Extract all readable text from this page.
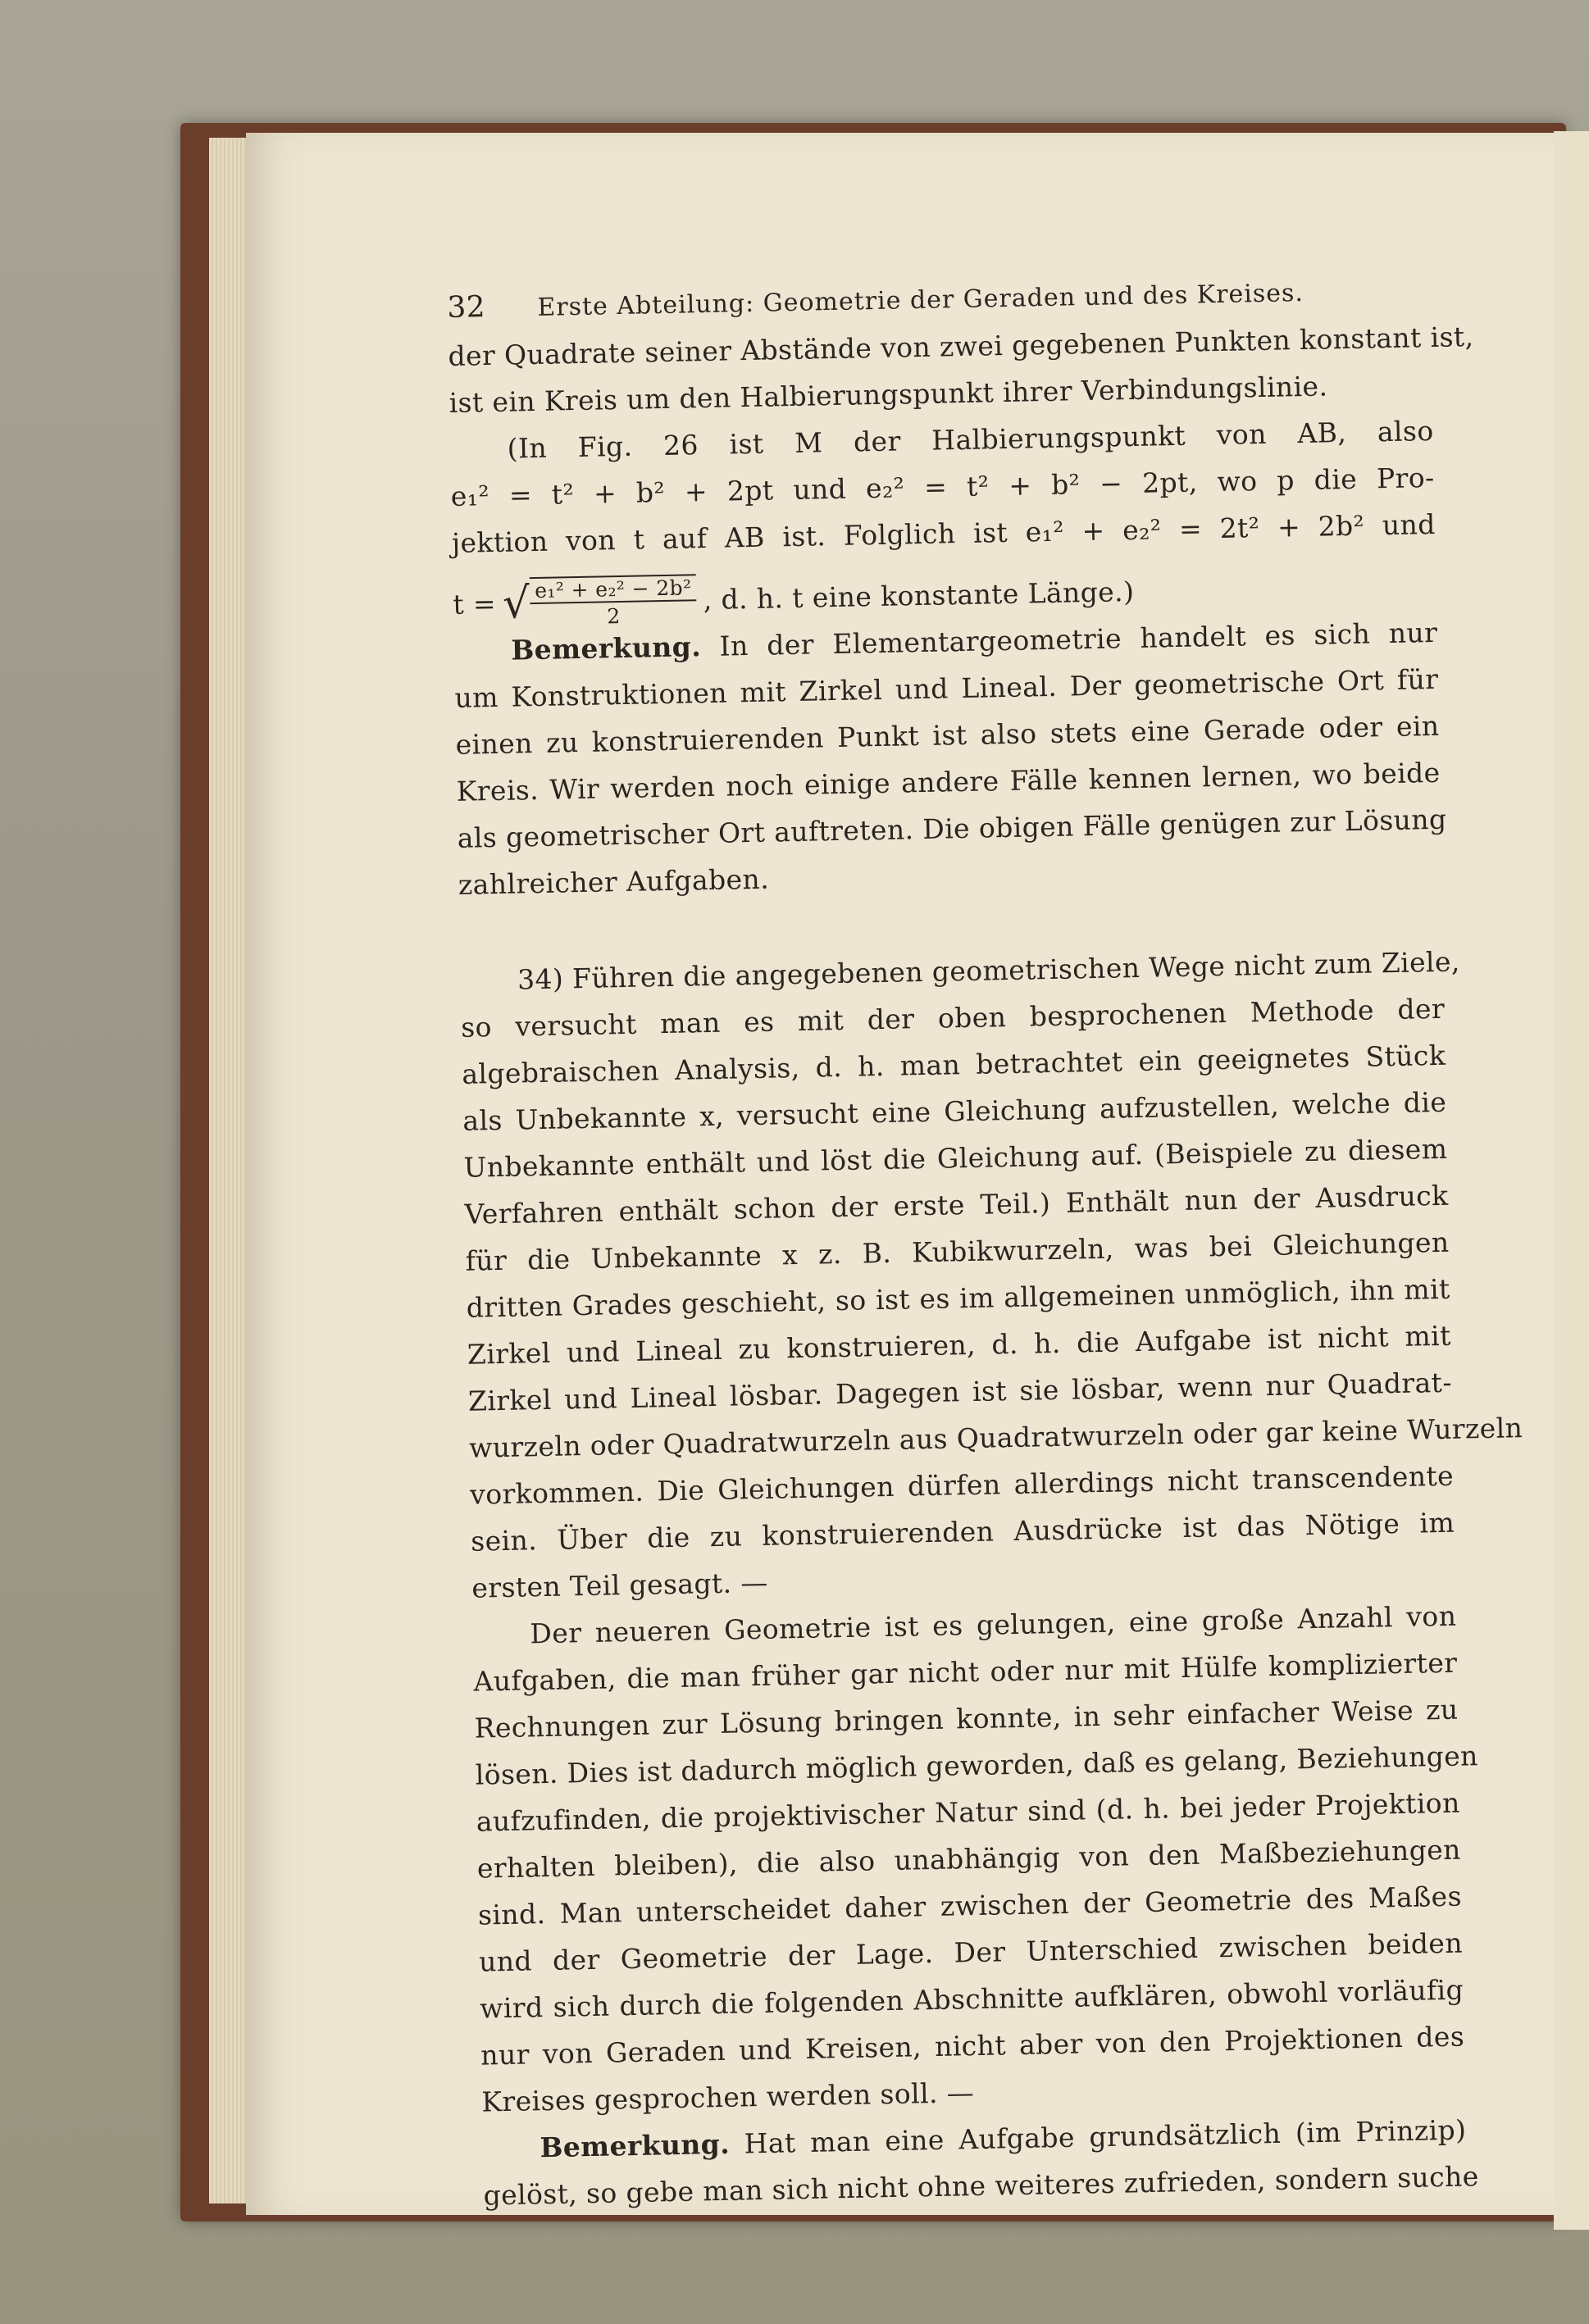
32	Erste Abteilung: Geometrie der Geraden und des Kreises.
der Quadrate seiner Abstände von zwei gegebenen Punkten konstant ist,
ist ein Kreis um den Halbierungspunkt ihrer Verbindungslinie.
(In Fig. 26 ist M der Halbierungspunkt von AB, also
e₁² = t² + b² + 2pt und e₂² = t² + b² − 2pt, wo p die Pro-
jektion von t auf AB ist. Folglich ist e₁² + e₂² = 2t² + 2b² und
t = √
$\frac{\text{e₁² + e₂² − 2b²}}{2}$ , d. h. t eine konstante Länge.)
Bemerkung. In der Elementargeometrie handelt es sich nur
um Konstruktionen mit Zirkel und Lineal. Der geometrische Ort für
einen zu konstruierenden Punkt ist also stets eine Gerade oder ein
Kreis. Wir werden noch einige andere Fälle kennen lernen, wo beide
als geometrischer Ort auftreten. Die obigen Fälle genügen zur Lösung
zahlreicher Aufgaben.
34) Führen die angegebenen geometrischen Wege nicht zum Ziele,
so versucht man es mit der oben besprochenen Methode der
algebraischen Analysis, d. h. man betrachtet ein geeignetes Stück
als Unbekannte x, versucht eine Gleichung aufzustellen, welche die
Unbekannte enthält und löst die Gleichung auf. (Beispiele zu diesem
Verfahren enthält schon der erste Teil.) Enthält nun der Ausdruck
für die Unbekannte x z. B. Kubikwurzeln, was bei Gleichungen
dritten Grades geschieht, so ist es im allgemeinen unmöglich, ihn mit
Zirkel und Lineal zu konstruieren, d. h. die Aufgabe ist nicht mit
Zirkel und Lineal lösbar. Dagegen ist sie lösbar, wenn nur Quadrat-
wurzeln oder Quadratwurzeln aus Quadratwurzeln oder gar keine Wurzeln
vorkommen. Die Gleichungen dürfen allerdings nicht transcendente
sein. Über die zu konstruierenden Ausdrücke ist das Nötige im
ersten Teil gesagt. —
Der neueren Geometrie ist es gelungen, eine große Anzahl von
Aufgaben, die man früher gar nicht oder nur mit Hülfe komplizierter
Rechnungen zur Lösung bringen konnte, in sehr einfacher Weise zu
lösen. Dies ist dadurch möglich geworden, daß es gelang, Beziehungen
aufzufinden, die projektivischer Natur sind (d. h. bei jeder Projektion
erhalten bleiben), die also unabhängig von den Maßbeziehungen
sind. Man unterscheidet daher zwischen der Geometrie des Maßes
und der Geometrie der Lage. Der Unterschied zwischen beiden
wird sich durch die folgenden Abschnitte aufklären, obwohl vorläufig
nur von Geraden und Kreisen, nicht aber von den Projektionen des
Kreises gesprochen werden soll. —
Bemerkung. Hat man eine Aufgabe grundsätzlich (im Prinzip)
gelöst, so gebe man sich nicht ohne weiteres zufrieden, sondern suche
